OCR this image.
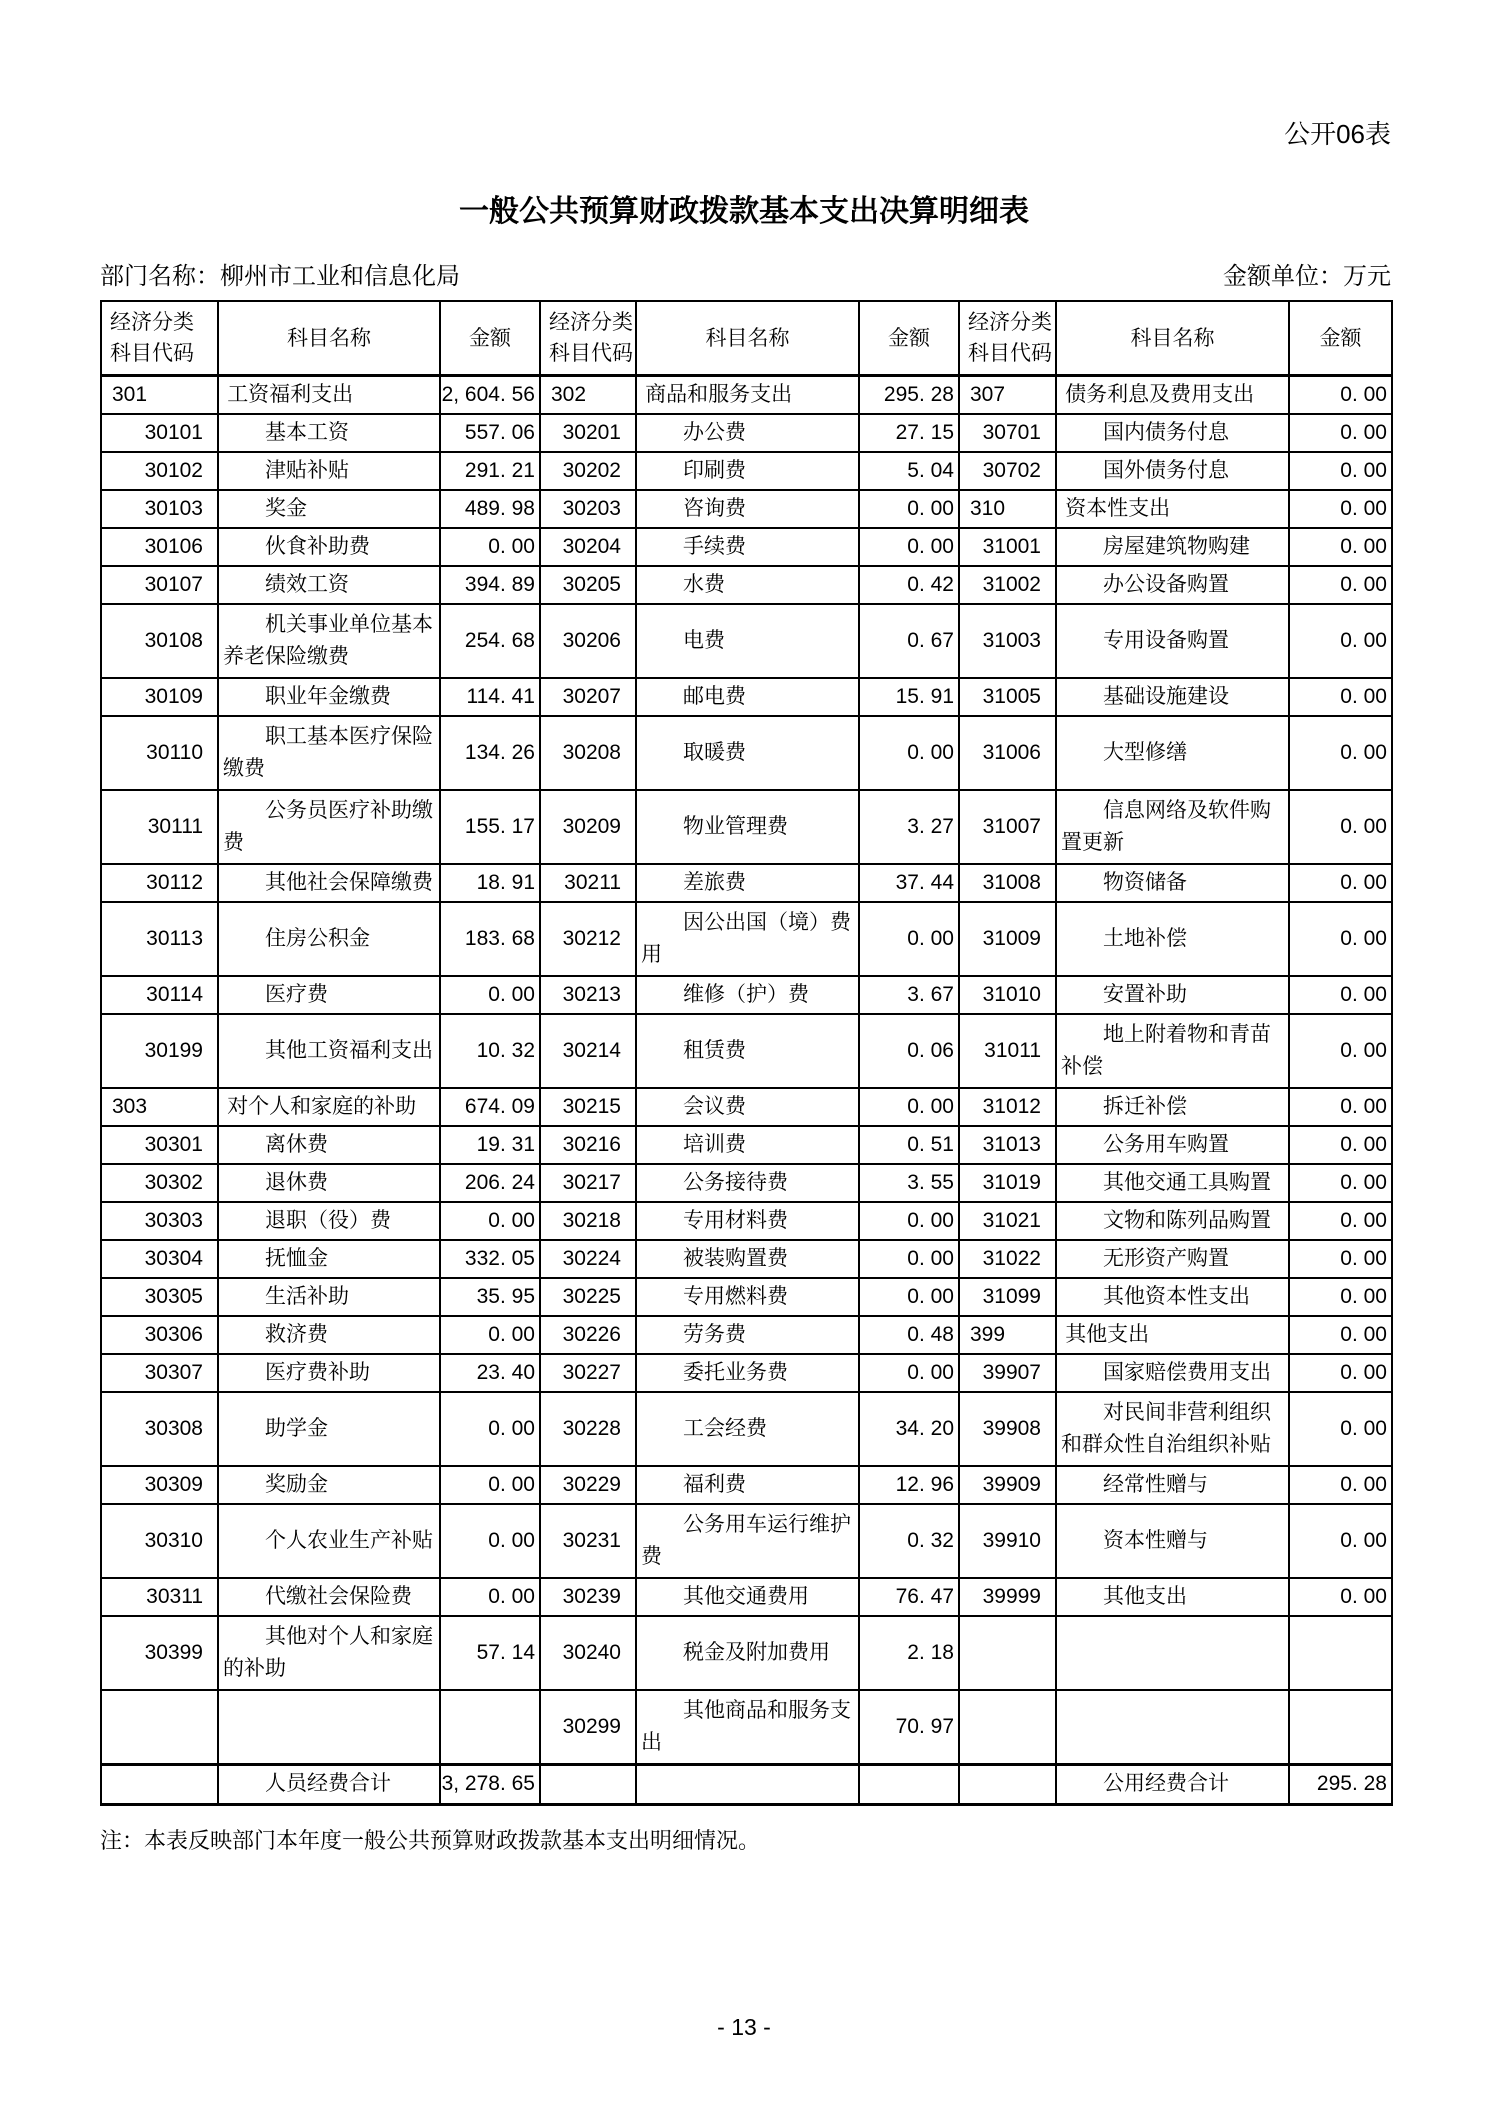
公开06表
一般公共预算财政拨款基本支出决算明细表
部门名称：柳州市工业和信息化局	金额单位：万元
经济分类
科目代码
	科目名称	金额	
经济分类
科目代码
	科目名称	金额	
经济分类
科目代码
	科目名称	金额
301	工资福利支出	2, 604. 56	302	商品和服务支出	295. 28	307	债务利息及费用支出	0. 00
30101	基本工资	557. 06	30201	办公费	27. 15	30701	国内债务付息	0. 00
30102	津贴补贴	291. 21	30202	印刷费	5. 04	30702	国外债务付息	0. 00
30103	奖金	489. 98	30203	咨询费	0. 00	310	资本性支出	0. 00
30106	伙食补助费	0. 00	30204	手续费	0. 00	31001	房屋建筑物购建	0. 00
30107	绩效工资	394. 89	30205	水费	0. 42	31002	办公设备购置	0. 00
30108	机关事业单位基本养老保险缴费	254. 68	30206	电费	0. 67	31003	专用设备购置	0. 00
30109	职业年金缴费	114. 41	30207	邮电费	15. 91	31005	基础设施建设	0. 00
30110	职工基本医疗保险缴费	134. 26	30208	取暖费	0. 00	31006	大型修缮	0. 00
30111	公务员医疗补助缴费	155. 17	30209	物业管理费	3. 27	31007	信息网络及软件购置更新	0. 00
30112	其他社会保障缴费	18. 91	30211	差旅费	37. 44	31008	物资储备	0. 00
30113	住房公积金	183. 68	30212	因公出国（境）费用	0. 00	31009	土地补偿	0. 00
30114	医疗费	0. 00	30213	维修（护）费	3. 67	31010	安置补助	0. 00
30199	其他工资福利支出	10. 32	30214	租赁费	0. 06	31011	地上附着物和青苗补偿	0. 00
303	对个人和家庭的补助	674. 09	30215	会议费	0. 00	31012	拆迁补偿	0. 00
30301	离休费	19. 31	30216	培训费	0. 51	31013	公务用车购置	0. 00
30302	退休费	206. 24	30217	公务接待费	3. 55	31019	其他交通工具购置	0. 00
30303	退职（役）费	0. 00	30218	专用材料费	0. 00	31021	文物和陈列品购置	0. 00
30304	抚恤金	332. 05	30224	被装购置费	0. 00	31022	无形资产购置	0. 00
30305	生活补助	35. 95	30225	专用燃料费	0. 00	31099	其他资本性支出	0. 00
30306	救济费	0. 00	30226	劳务费	0. 48	399	其他支出	0. 00
30307	医疗费补助	23. 40	30227	委托业务费	0. 00	39907	国家赔偿费用支出	0. 00
30308	助学金	0. 00	30228	工会经费	34. 20	39908	对民间非营利组织和群众性自治组织补贴	0. 00
30309	奖励金	0. 00	30229	福利费	12. 96	39909	经常性赠与	0. 00
30310	个人农业生产补贴	0. 00	30231	公务用车运行维护费	0. 32	39910	资本性赠与	0. 00
30311	代缴社会保险费	0. 00	30239	其他交通费用	76. 47	39999	其他支出	0. 00
30399	其他对个人和家庭的补助	57. 14	30240	税金及附加费用	2. 18			
			30299	其他商品和服务支出	70. 97			
	人员经费合计	3, 278. 65					公用经费合计	295. 28
注：本表反映部门本年度一般公共预算财政拨款基本支出明细情况。
- 13 -
